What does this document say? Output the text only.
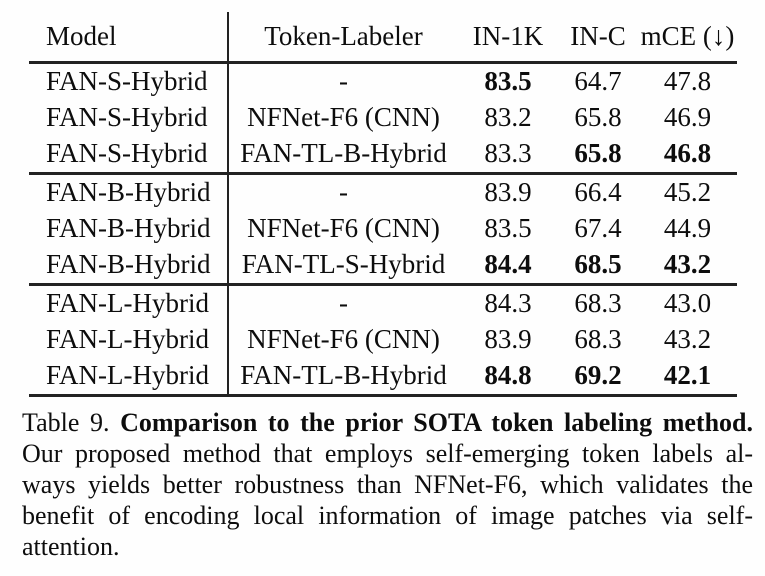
Model	Token-Labeler	IN-1K	IN-C	mCE (↓)
FAN-S-Hybrid	-	83.5	64.7	47.8
FAN-S-Hybrid	NFNet-F6 (CNN)	83.2	65.8	46.9
FAN-S-Hybrid	FAN-TL-B-Hybrid	83.3	65.8	46.8
FAN-B-Hybrid	-	83.9	66.4	45.2
FAN-B-Hybrid	NFNet-F6 (CNN)	83.5	67.4	44.9
FAN-B-Hybrid	FAN-TL-S-Hybrid	84.4	68.5	43.2
FAN-L-Hybrid	-	84.3	68.3	43.0
FAN-L-Hybrid	NFNet-F6 (CNN)	83.9	68.3	43.2
FAN-L-Hybrid	FAN-TL-B-Hybrid	84.8	69.2	42.1
Table 9. Comparison to the prior SOTA token labeling method.
Our proposed method that employs self-emerging token labels al-
ways yields better robustness than NFNet-F6, which validates the
benefit of encoding local information of image patches via self-
attention.
